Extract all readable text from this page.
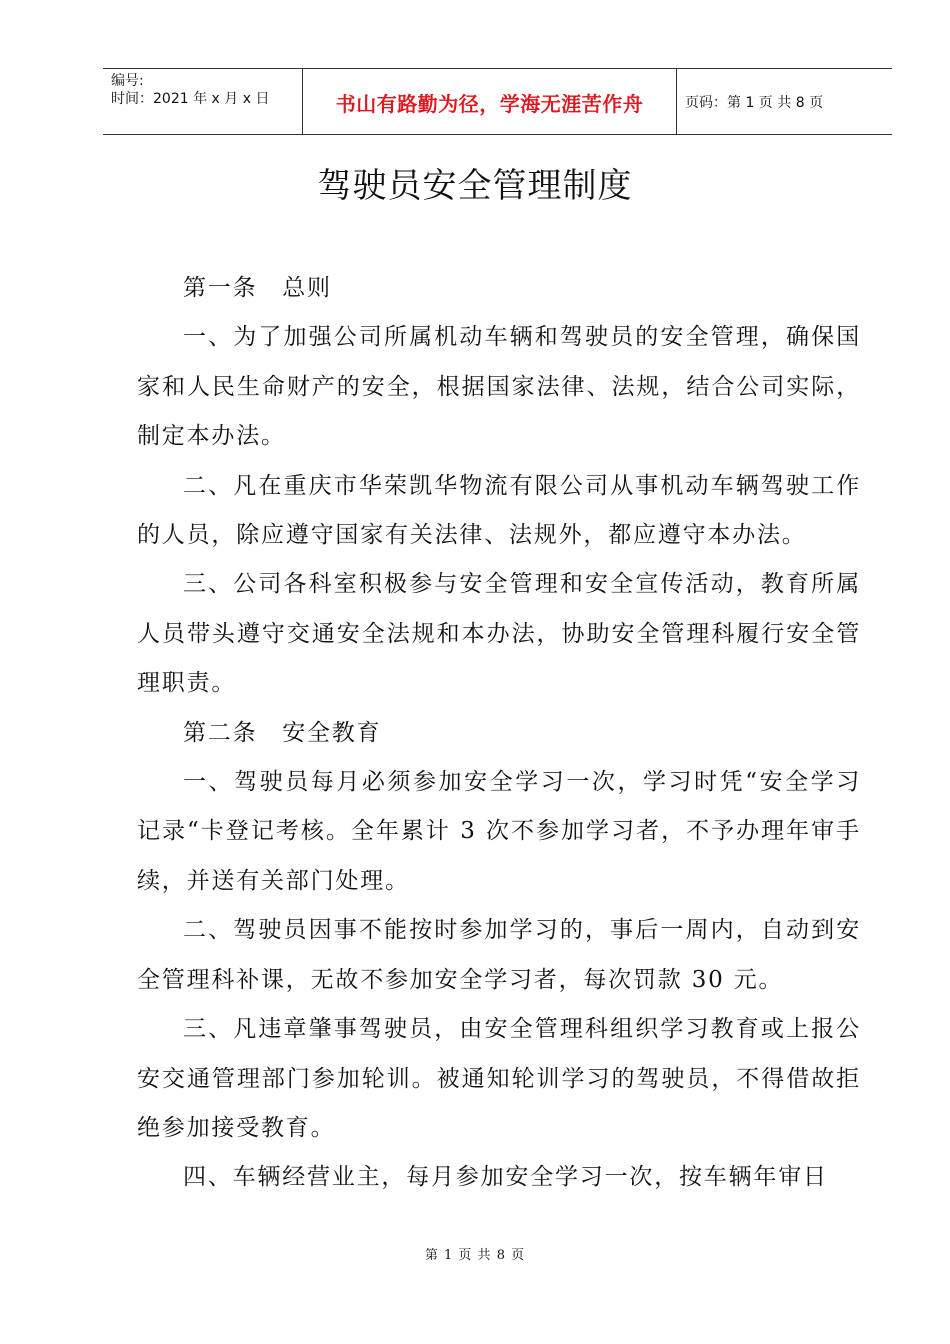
编号:
时间：2021 年 x 月 x 日	书山有路勤为径，学海无涯苦作舟	页码：第 1 页 共 8 页
驾驶员安全管理制度

第一条　总则

一、为了加强公司所属机动车辆和驾驶员的安全管理，确保国家和人民生命财产的安全，根据国家法律、法规，结合公司实际，制定本办法。

二、凡在重庆市华荣凯华物流有限公司从事机动车辆驾驶工作的人员，除应遵守国家有关法律、法规外，都应遵守本办法。

三、公司各科室积极参与安全管理和安全宣传活动，教育所属人员带头遵守交通安全法规和本办法，协助安全管理科履行安全管理职责。

第二条　安全教育

一、驾驶员每月必须参加安全学习一次，学习时凭“安全学习记录“卡登记考核。全年累计 3 次不参加学习者，不予办理年审手续，并送有关部门处理。

二、驾驶员因事不能按时参加学习的，事后一周内，自动到安全管理科补课，无故不参加安全学习者，每次罚款 30 元。

三、凡违章肇事驾驶员，由安全管理科组织学习教育或上报公安交通管理部门参加轮训。被通知轮训学习的驾驶员，不得借故拒绝参加接受教育。

四、车辆经营业主，每月参加安全学习一次，按车辆年审日

第 1 页 共 8 页
